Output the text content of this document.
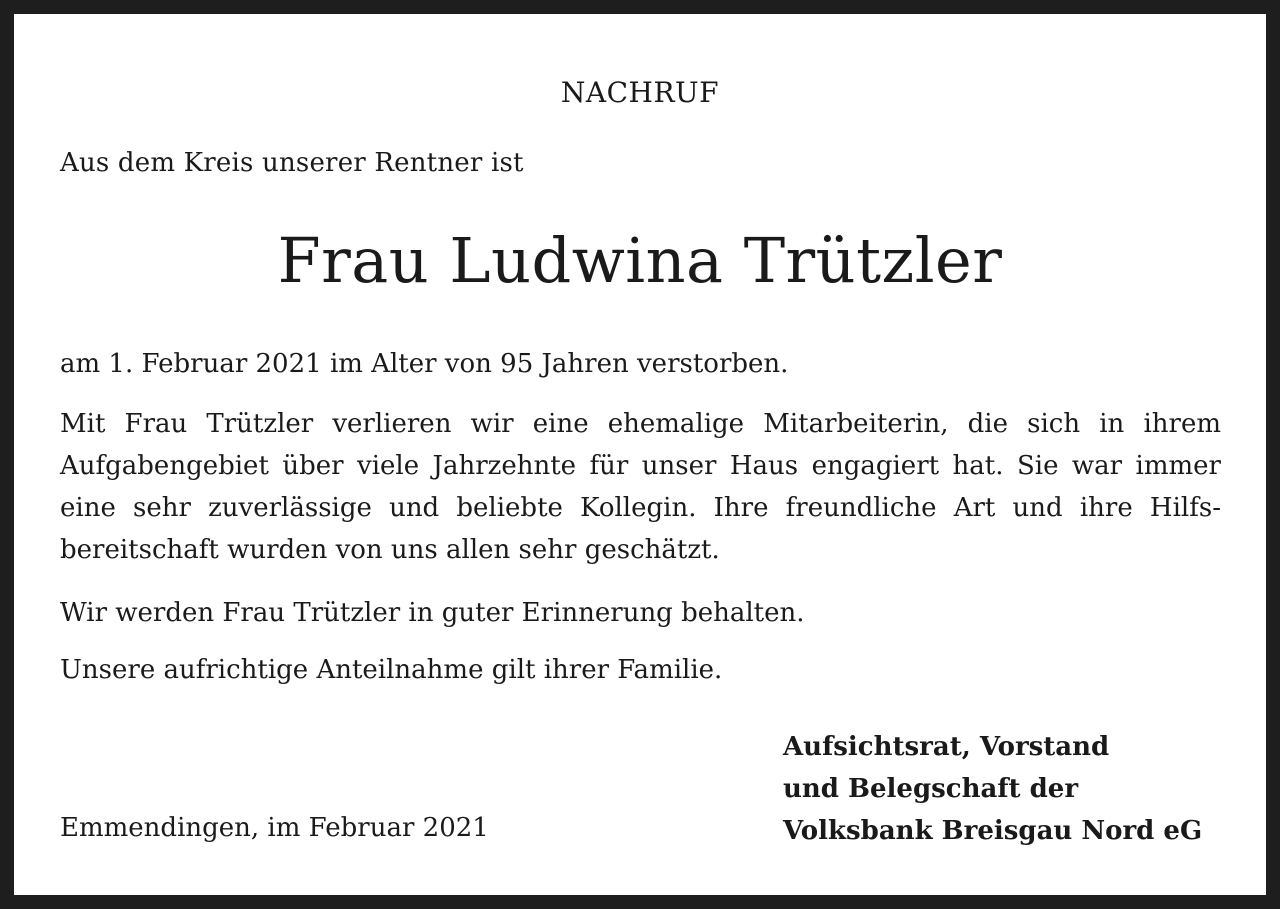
NACHRUF
Aus dem Kreis unserer Rentner ist
Frau Ludwina Trützler
am 1. Februar 2021 im Alter von 95 Jahren verstorben.
Mit Frau Trützler verlieren wir eine ehemalige Mitarbeiterin, die sich in ihrem Aufgabengebiet über viele Jahrzehnte für unser Haus engagiert hat. Sie war immer eine sehr zuverlässige und beliebte Kollegin. Ihre freundliche Art und ihre Hilfsbereitschaft wurden von uns allen sehr geschätzt.
Wir werden Frau Trützler in guter Erinnerung behalten.
Unsere aufrichtige Anteilnahme gilt ihrer Familie.
Emmendingen, im Februar 2021
Aufsichtsrat, Vorstand
und Belegschaft der
Volksbank Breisgau Nord eG
